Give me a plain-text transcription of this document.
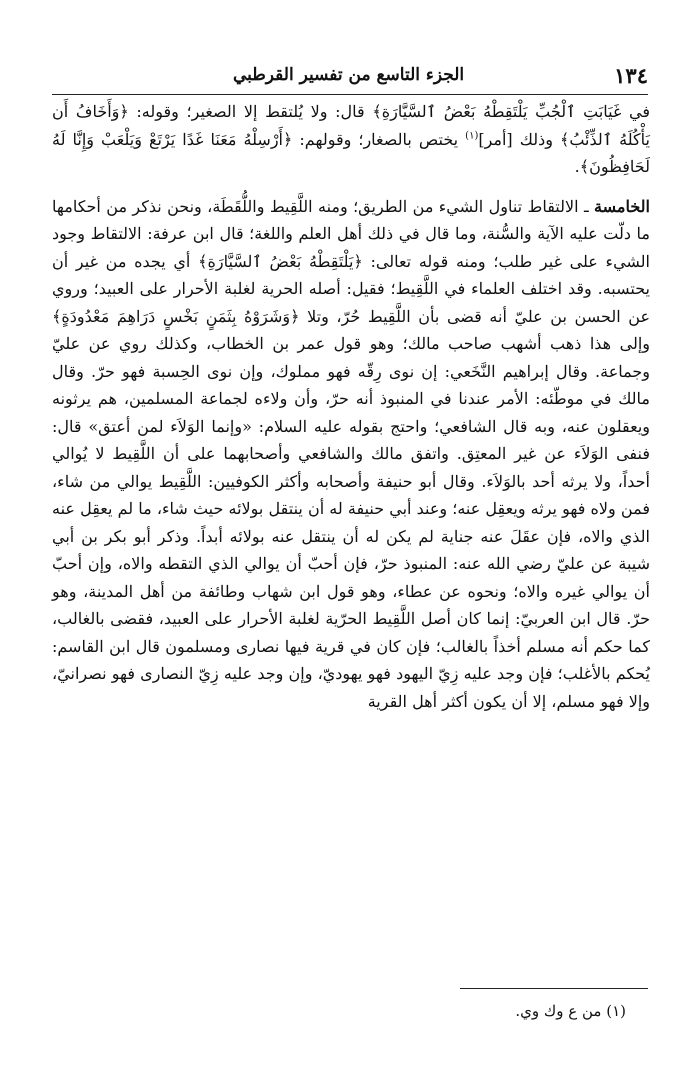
١٣٤
الجزء التاسع من تفسير القرطبي

في غَيَابَتِ ٱلْجُبِّ يَلْتَقِطْهُ بَعْضُ ٱلسَّيَّارَةِ﴾ قال: ولا يُلتقط إلا الصغير؛ وقوله: ﴿وَأَخَافُ أَن يَأْكُلَهُ ٱلذِّئْبُ﴾ وذلك [أمر]$^{(١)}$ يختص بالصغار؛ وقولهم: ﴿أَرْسِلْهُ مَعَنَا غَدًا يَرْتَعْ وَيَلْعَبْ وَإِنَّا لَهُ لَحَافِظُونَ﴾.

الخامسة ـ الالتقاط تناول الشيء من الطريق؛ ومنه اللَّقِيط واللُّقَطَة، ونحن نذكر من أحكامها ما دلّت عليه الآية والسُّنة، وما قال في ذلك أهل العلم واللغة؛ قال ابن عرفة: الالتقاط وجود الشيء على غير طلب؛ ومنه قوله تعالى: ﴿يَلْتَقِطْهُ بَعْضُ ٱلسَّيَّارَةِ﴾ أي يجده من غير أن يحتسبه. وقد اختلف العلماء في اللَّقِيط؛ فقيل: أصله الحرية لغلبة الأحرار على العبيد؛ وروي عن الحسن بن عليّ أنه قضى بأن اللَّقِيط حُرّ، وتلا ﴿وَشَرَوْهُ بِثَمَنٍ بَخْسٍ دَرَاهِمَ مَعْدُودَةٍ﴾ وإلى هذا ذهب أشهب صاحب مالك؛ وهو قول عمر بن الخطاب، وكذلك روي عن عليّ وجماعة. وقال إبراهيم النَّخَعي: إن نوى رِقّه فهو مملوك، وإن نوى الحِسبة فهو حرّ. وقال مالك في موطّئه: الأمر عندنا في المنبوذ أنه حرّ، وأن ولاءه لجماعة المسلمين، هم يرثونه ويعقلون عنه، وبه قال الشافعي؛ واحتج بقوله عليه السلام: «وإنما الوَلاَء لمن أعتق» قال: فنفى الوَلاَء عن غير المعتِق. واتفق مالك والشافعي وأصحابهما على أن اللَّقِيط لا يُوالي أحداً، ولا يرثه أحد بالوَلاَء. وقال أبو حنيفة وأصحابه وأكثر الكوفيين: اللَّقِيط يوالي من شاء، فمن ولاه فهو يرثه ويعقِل عنه؛ وعند أبي حنيفة له أن ينتقل بولائه حيث شاء، ما لم يعقِل عنه الذي والاه، فإن عقَلَ عنه جناية لم يكن له أن ينتقل عنه بولائه أبداً. وذكر أبو بكر بن أبي شيبة عن عليّ رضي الله عنه: المنبوذ حرّ، فإن أحبّ أن يوالي الذي التقطه والاه، وإن أحبّ أن يوالي غيره والاه؛ ونحوه عن عطاء، وهو قول ابن شهاب وطائفة من أهل المدينة، وهو حرّ. قال ابن العربيّ: إنما كان أصل اللَّقِيط الحرّية لغلبة الأحرار على العبيد، فقضى بالغالب، كما حكم أنه مسلم أخذاً بالغالب؛ فإن كان في قرية فيها نصارى ومسلمون قال ابن القاسم: يُحكم بالأغلب؛ فإن وجد عليه زِيّ اليهود فهو يهوديّ، وإن وجد عليه زِيّ النصارى فهو نصرانيّ، وإلا فهو مسلم، إلا أن يكون أكثر أهل القرية

(١) من ع وك وي.
